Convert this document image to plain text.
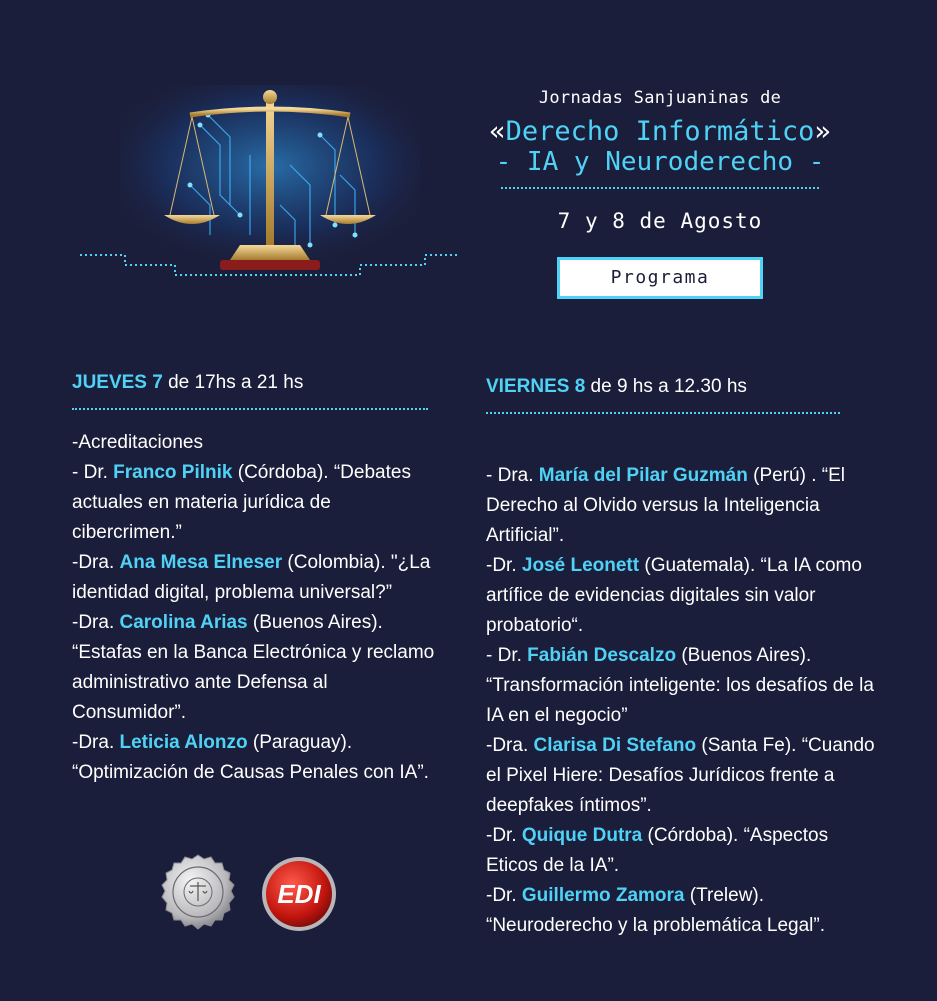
Jornadas Sanjuaninas de
«Derecho Informático»
- IA y Neuroderecho -
7 y 8 de Agosto
Programa
JUEVES 7 de 17hs a 21 hs
-Acreditaciones
- Dr. Franco Pilnik (Córdoba). “Debates actuales en materia jurídica de cibercrimen.”
-Dra. Ana Mesa Elneser (Colombia). "¿La identidad digital, problema universal?”
-Dra. Carolina Arias (Buenos Aires). “Estafas en la Banca Electrónica y reclamo administrativo ante Defensa al Consumidor”.
-Dra. Leticia Alonzo (Paraguay). “Optimización de Causas Penales con IA”.
VIERNES 8 de 9 hs a 12.30 hs
- Dra. María del Pilar Guzmán (Perú) . “El Derecho al Olvido versus la Inteligencia Artificial”.
-Dr. José Leonett (Guatemala). “La IA como artífice de evidencias digitales sin valor probatorio“.
- Dr. Fabián Descalzo (Buenos Aires). “Transformación inteligente: los desafíos de la IA en el negocio”
-Dra. Clarisa Di Stefano (Santa Fe). “Cuando el Pixel Hiere: Desafíos Jurídicos frente a deepfakes íntimos”.
-Dr. Quique Dutra (Córdoba). “Aspectos Eticos de la IA”.
-Dr. Guillermo Zamora (Trelew). “Neuroderecho y la problemática Legal”.
EDI
